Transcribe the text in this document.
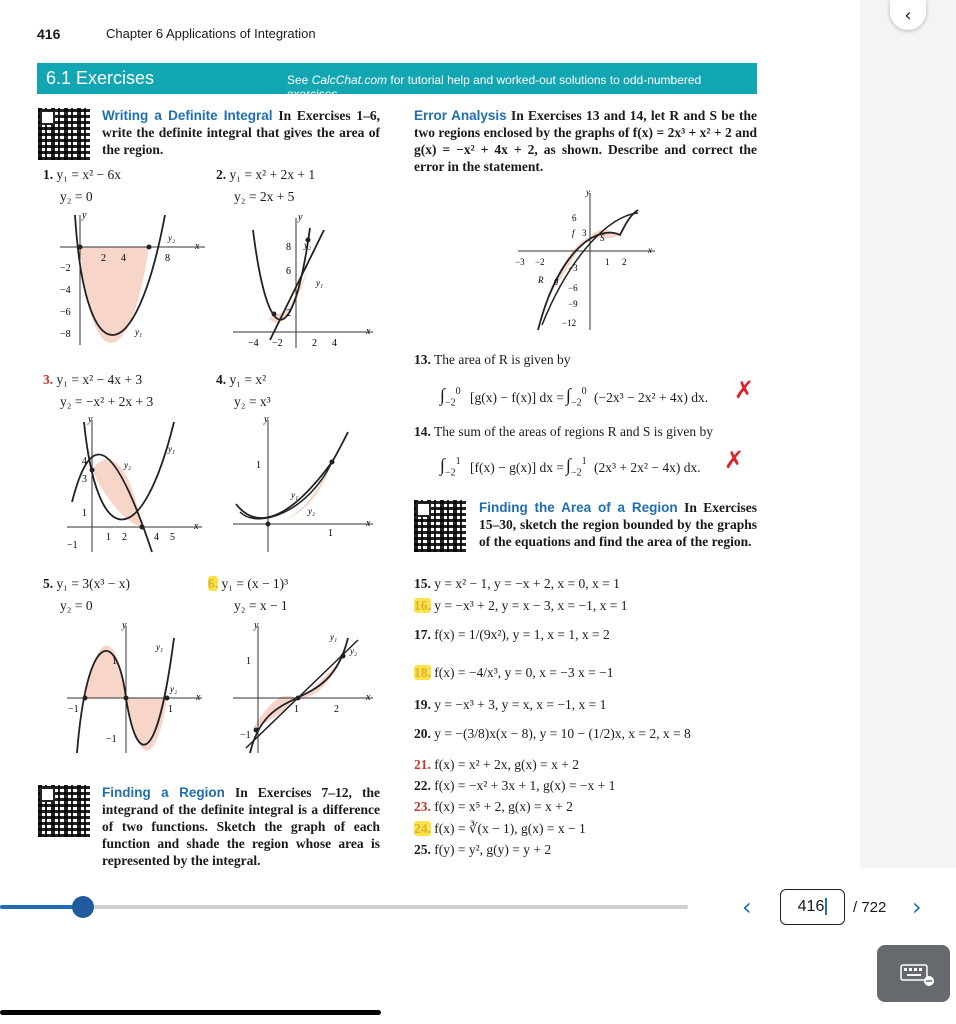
416	Chapter 6 Applications of Integration
6.1 Exercises	See CalcChat.com for tutorial help and worked-out solutions to odd-numbered exercises.
Writing a Definite Integral In Exercises 1–6, write the definite integral that gives the area of the region.
1. y₁ = x² − 6x
y₂ = 0
2. y₁ = x² + 2x + 1
y₂ = 2x + 5
2 4	8
−2
−4
−6
−8
y
x
y₂
y₁
−4 −2	2 4
8
6
2
y
x
y₂
y₁
3. y₁ = x² − 4x + 3
y₂ = −x² + 2x + 3
4. y₁ = x²
y₂ = x³
4
3
1
−1
1 2	4 5
y₂
y₁
y
x
1
1
y₁
y₂
y
x
5. y₁ = 3(x³ − x)
y₂ = 0
6. y₁ = (x − 1)³
y₂ = x − 1
−1	1
1
−1
y₁
y₂
y
x
1
−1
1	2
y₁
y₂
y
x
Finding a Region In Exercises 7–12, the integrand of the definite integral is a difference of two functions. Sketch the graph of each function and shade the region whose area is represented by the integral.
Error Analysis In Exercises 13 and 14, let R and S be the two regions enclosed by the graphs of f(x) = 2x³ + x² + 2 and g(x) = −x² + 4x + 2, as shown. Describe and correct the error in the statement.
y
x
6
f 3 S
R g
−3 −2	1 2
−3
−6
−9
−12
13. The area of R is given by
$\int_{-2}^0$ [g(x) − f(x)] dx = $\int_{-2}^0$ (−2x³ − 2x² + 4x) dx. ✗
14. The sum of the areas of regions R and S is given by
$\int_{-2}^1$ [f(x) − g(x)] dx = $\int_{-2}^1$ (2x³ + 2x² − 4x) dx. ✗
Finding the Area of a Region In Exercises 15–30, sketch the region bounded by the graphs of the equations and find the area of the region.
15. y = x² − 1, y = −x + 2, x = 0, x = 1
16. y = −x³ + 2, y = x − 3, x = −1, x = 1
17. f(x) = 1/(9x²), y = 1, x = 1, x = 2
18. f(x) = −4/x³, y = 0, x = −3 x = −1
19. y = −x³ + 3, y = x, x = −1, x = 1
20. y = −(3/8)x(x − 8), y = 10 − (1/2)x, x = 2, x = 8
21. f(x) = x² + 2x, g(x) = x + 2
22. f(x) = −x² + 3x + 1, g(x) = −x + 1
23. f(x) = x⁵ + 2, g(x) = x + 2
24. f(x) = ∛(x − 1), g(x) = x − 1
25. f(y) = y², g(y) = y + 2
‹
‹	416	/ 722 ›
